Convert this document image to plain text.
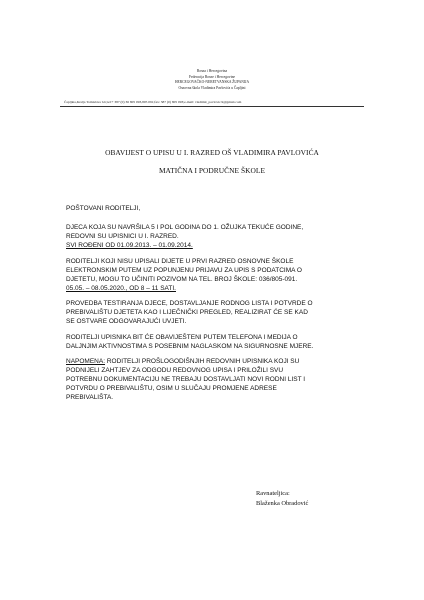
Bosna i Hercegovina
Federacija Bosne i Hercegovine
HERCEGOVAČKO-NERETVANSKA ŽUPANIJA
Osnovna škola Vladimira Pavlovića u Čapljini
Čapljina,Kralja Tomislava b.b;tel:+ 387 (0) 36 805 093,805 091;fax: 387 (0) 805 093;e-mail: vladimir_pavlovic.9@gmail.com
OBAVIJEST O UPISU U I. RAZRED OŠ VLADIMIRA PAVLOVIĆA
MATIČNA I PODRUČNE ŠKOLE
POŠTOVANI RODITELJI,
DJECA KOJA SU NAVRŠILA 5 I POL GODINA DO 1. OŽUJKA TEKUĆE GODINE,
REDOVNI SU UPISNICI U I. RAZRED.
SVI ROĐENI OD 01.09.2013. – 01.09.2014.
RODITELJI KOJI NISU UPISALI DIJETE U PRVI RAZRED OSNOVNE ŠKOLE
ELEKTRONSKIM PUTEM UZ POPUNJENU PRIJAVU ZA UPIS S PODATCIMA O
DJETETU, MOGU TO UČINITI POZIVOM NA TEL. BROJ ŠKOLE: 036/805-091.
05.05. – 08.05.2020., OD 8 – 11 SATI.
PROVEDBA TESTIRANJA DJECE, DOSTAVLJANJE RODNOG LISTA I POTVRDE O
PREBIVALIŠTU DJETETA KAO I LIJEČNIČKI PREGLED, REALIZIRAT ĆE SE KAD
SE OSTVARE ODGOVARAJUĆI UVJETI.
RODITELJI UPISNIKA BIT ĆE OBAVIJEŠTENI PUTEM TELEFONA I MEDIJA O
DALJNJIM AKTIVNOSTIMA S POSEBNIM NAGLASKOM NA SIGURNOSNE MJERE.
NAPOMENA: RODITELJI PROŠLOGODIŠNJIH REDOVNIH UPISNIKA KOJI SU
PODNIJELI ZAHTJEV ZA ODGODU REDOVNOG UPISA I PRILOŽILI SVU
POTREBNU DOKUMENTACIJU NE TREBAJU DOSTAVLJATI NOVI RODNI LIST I
POTVRDU O PREBIVALIŠTU, OSIM U SLUČAJU PROMJENE ADRESE
PREBIVALIŠTA.
Ravnateljica:
Blaženka Obradović
